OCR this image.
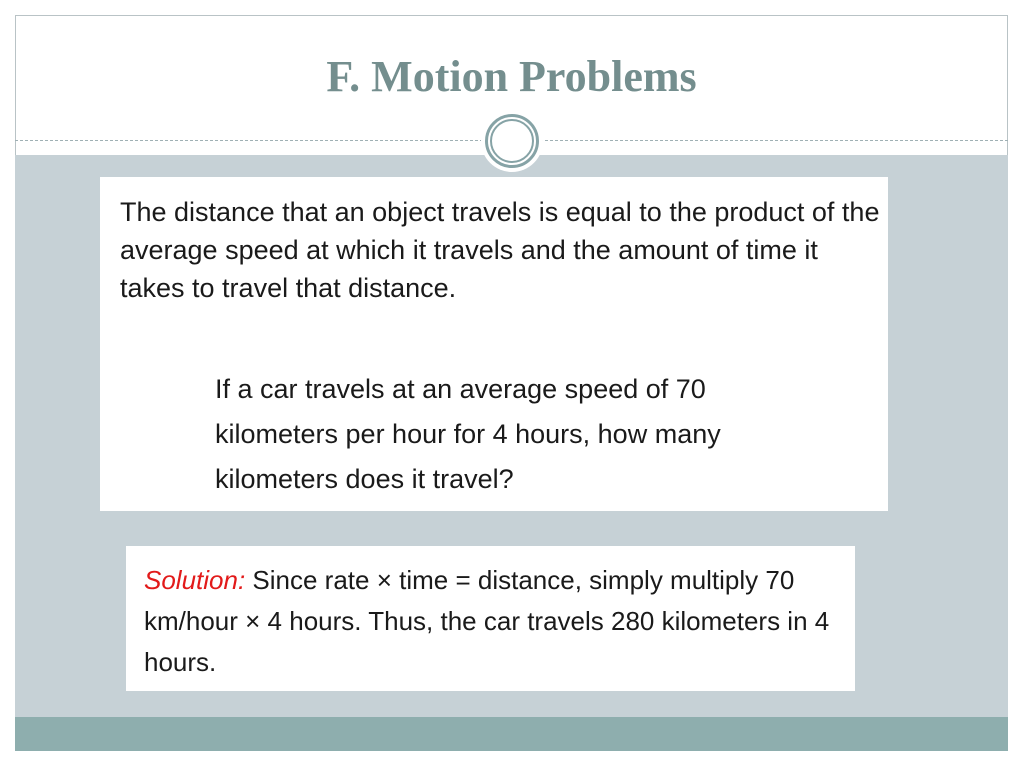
F. Motion Problems

The distance that an object travels is equal to the product of the average speed at which it travels and the amount of time it takes to travel that distance.

If a car travels at an average speed of 70 kilometers per hour for 4 hours, how many kilometers does it travel?

Solution: Since rate × time = distance, simply multiply 70 km/hour × 4 hours. Thus, the car travels 280 kilometers in 4 hours.
